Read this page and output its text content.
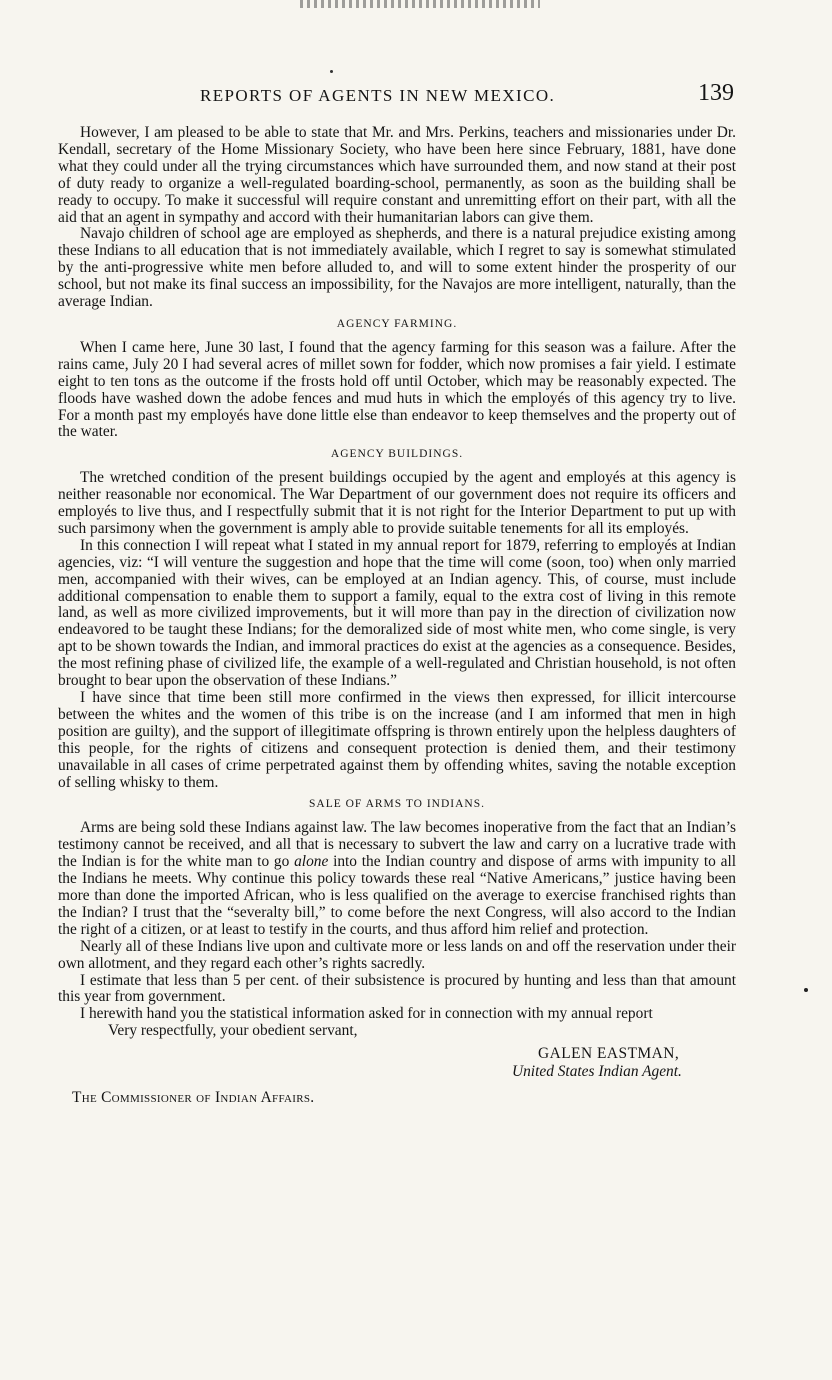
REPORTS OF AGENTS IN NEW MEXICO.	139

However, I am pleased to be able to state that Mr. and Mrs. Perkins, teachers and missionaries under Dr. Kendall, secretary of the Home Missionary Society, who have been here since February, 1881, have done what they could under all the trying circumstances which have surrounded them, and now stand at their post of duty ready to organize a well-regulated boarding-school, permanently, as soon as the building shall be ready to occupy. To make it successful will require constant and unremitting effort on their part, with all the aid that an agent in sympathy and accord with their humanitarian labors can give them.

Navajo children of school age are employed as shepherds, and there is a natural prejudice existing among these Indians to all education that is not immediately available, which I regret to say is somewhat stimulated by the anti-progressive white men before alluded to, and will to some extent hinder the prosperity of our school, but not make its final success an impossibility, for the Navajos are more intelligent, naturally, than the average Indian.

AGENCY FARMING.

When I came here, June 30 last, I found that the agency farming for this season was a failure. After the rains came, July 20 I had several acres of millet sown for fodder, which now promises a fair yield. I estimate eight to ten tons as the outcome if the frosts hold off until October, which may be reasonably expected. The floods have washed down the adobe fences and mud huts in which the employés of this agency try to live. For a month past my employés have done little else than endeavor to keep themselves and the property out of the water.

AGENCY BUILDINGS.

The wretched condition of the present buildings occupied by the agent and employés at this agency is neither reasonable nor economical. The War Department of our government does not require its officers and employés to live thus, and I respectfully submit that it is not right for the Interior Department to put up with such parsimony when the government is amply able to provide suitable tenements for all its employés.

In this connection I will repeat what I stated in my annual report for 1879, referring to employés at Indian agencies, viz: “I will venture the suggestion and hope that the time will come (soon, too) when only married men, accompanied with their wives, can be employed at an Indian agency. This, of course, must include additional compensation to enable them to support a family, equal to the extra cost of living in this remote land, as well as more civilized improvements, but it will more than pay in the direction of civilization now endeavored to be taught these Indians; for the demoralized side of most white men, who come single, is very apt to be shown towards the Indian, and immoral practices do exist at the agencies as a consequence. Besides, the most refining phase of civilized life, the example of a well-regulated and Christian household, is not often brought to bear upon the observation of these Indians.”

I have since that time been still more confirmed in the views then expressed, for illicit intercourse between the whites and the women of this tribe is on the increase (and I am informed that men in high position are guilty), and the support of illegitimate offspring is thrown entirely upon the helpless daughters of this people, for the rights of citizens and consequent protection is denied them, and their testimony unavailable in all cases of crime perpetrated against them by offending whites, saving the notable exception of selling whisky to them.

SALE OF ARMS TO INDIANS.

Arms are being sold these Indians against law. The law becomes inoperative from the fact that an Indian’s testimony cannot be received, and all that is necessary to subvert the law and carry on a lucrative trade with the Indian is for the white man to go alone into the Indian country and dispose of arms with impunity to all the Indians he meets. Why continue this policy towards these real “Native Americans,” justice having been more than done the imported African, who is less qualified on the average to exercise franchised rights than the Indian? I trust that the “severalty bill,” to come before the next Congress, will also accord to the Indian the right of a citizen, or at least to testify in the courts, and thus afford him relief and protection.

Nearly all of these Indians live upon and cultivate more or less lands on and off the reservation under their own allotment, and they regard each other’s rights sacredly.

I estimate that less than 5 per cent. of their subsistence is procured by hunting and less than that amount this year from government.

I herewith hand you the statistical information asked for in connection with my annual report

Very respectfully, your obedient servant,

GALEN EASTMAN,
United States Indian Agent.
The Commissioner of Indian Affairs.
